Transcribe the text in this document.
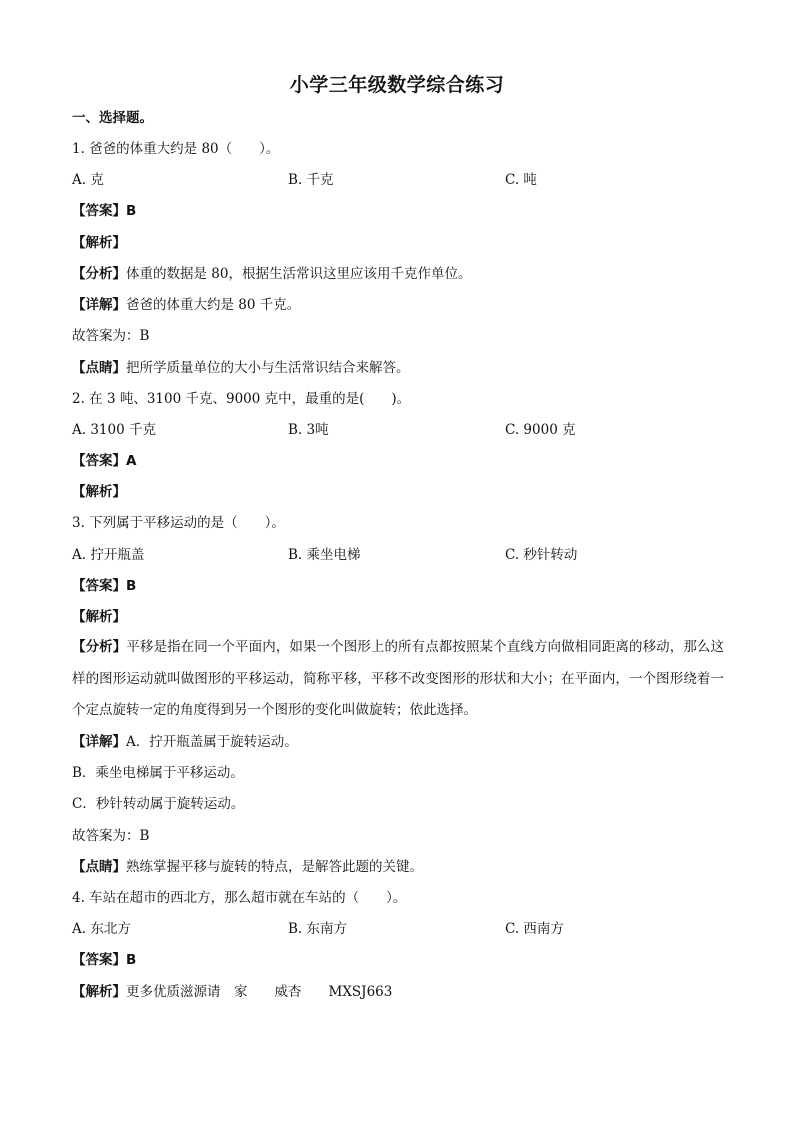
小学三年级数学综合练习
一、选择题。
1. 爸爸的体重大约是 80（　　）。
A. 克	B. 千克	C. 吨
【答案】B
【解析】
【分析】体重的数据是 80，根据生活常识这里应该用千克作单位。
【详解】爸爸的体重大约是 80 千克。
故答案为：B
【点睛】把所学质量单位的大小与生活常识结合来解答。
2. 在 3 吨、3100 千克、9000 克中，最重的是(　　)。
A. 3100 千克	B. 3吨	C. 9000 克
【答案】A
【解析】
3. 下列属于平移运动的是（　　）。
A. 拧开瓶盖	B. 乘坐电梯	C. 秒针转动
【答案】B
【解析】
【分析】平移是指在同一个平面内，如果一个图形上的所有点都按照某个直线方向做相同距离的移动，那么这样的图形运动就叫做图形的平移运动，简称平移，平移不改变图形的形状和大小；在平面内，一个图形绕着一个定点旋转一定的角度得到另一个图形的变化叫做旋转；依此选择。
【详解】A．拧开瓶盖属于旋转运动。
B．乘坐电梯属于平移运动。
C．秒针转动属于旋转运动。
故答案为：B
【点睛】熟练掌握平移与旋转的特点，是解答此题的关键。
4. 车站在超市的西北方，那么超市就在车站的（　　）。
A. 东北方	B. 东南方	C. 西南方
【答案】B
【解析】更多优质滋源请　家　　威杏　　MXSJ663
